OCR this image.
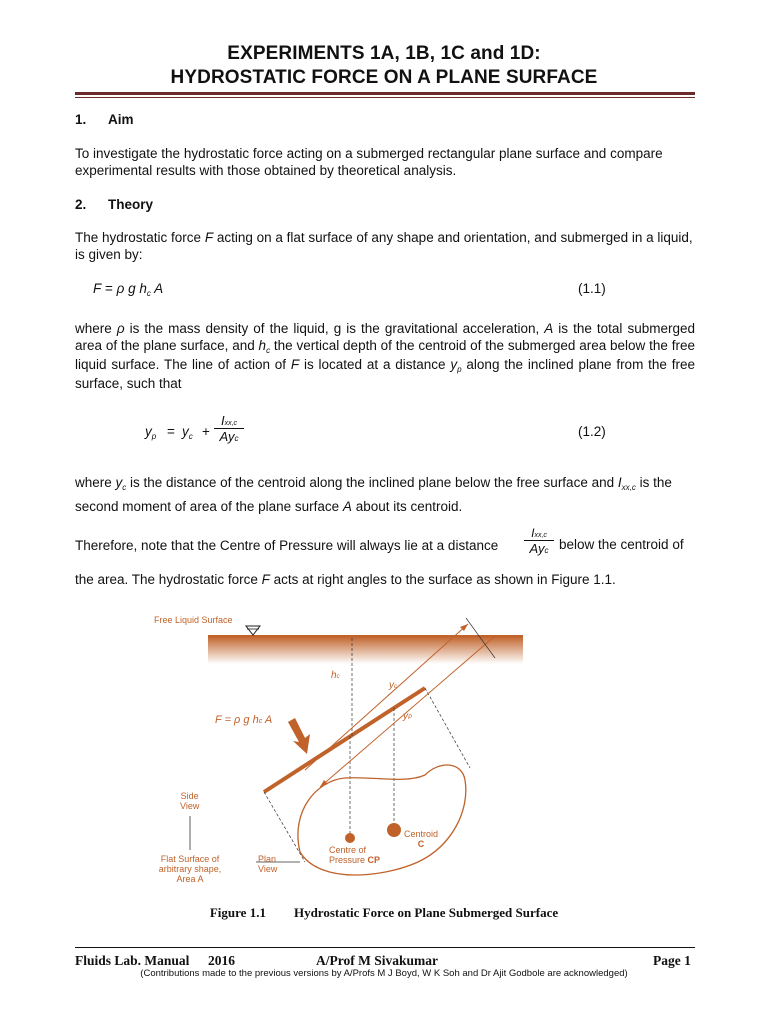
EXPERIMENTS 1A, 1B, 1C and 1D:
HYDROSTATIC FORCE ON A PLANE SURFACE
1. Aim
To investigate the hydrostatic force acting on a submerged rectangular plane surface and compare experimental results with those obtained by theoretical analysis.
2. Theory
The hydrostatic force F acting on a flat surface of any shape and orientation, and submerged in a liquid, is given by:
F = ρ g $h_c$ A	(1.1)
where ρ is the mass density of the liquid, g is the gravitational acceleration, A is the total submerged area of the plane surface, and $h_c$ the vertical depth of the centroid of the submerged area below the free liquid surface. The line of action of F is located at a distance $y_p$ along the inclined plane from the free surface, such that
$y_p = y_c$ +
Ixx,c
Ayc	(1.2)
where $y_c$ is the distance of the centroid along the inclined plane below the free surface and $I_{xx,c}$ is the second moment of area of the plane surface A about its centroid.
Therefore, note that the Centre of Pressure will always lie at a distance
Ixx,c
Ayc below the centroid of
the area. The hydrostatic force F acts at right angles to the surface as shown in Figure 1.1.
Free Liquid Surface
hc
yc
yP
F = ρ g hc A
Side
View
Flat Surface of
arbitrary shape,
Area A
Plan
View
Centre of
Pressure CP
Centroid
C
Figure 1.1 Hydrostatic Force on Plane Submerged Surface
Fluids Lab. Manual 2016	A/Prof M Sivakumar	Page 1
(Contributions made to the previous versions by A/Profs M J Boyd, W K Soh and Dr Ajit Godbole are acknowledged)
